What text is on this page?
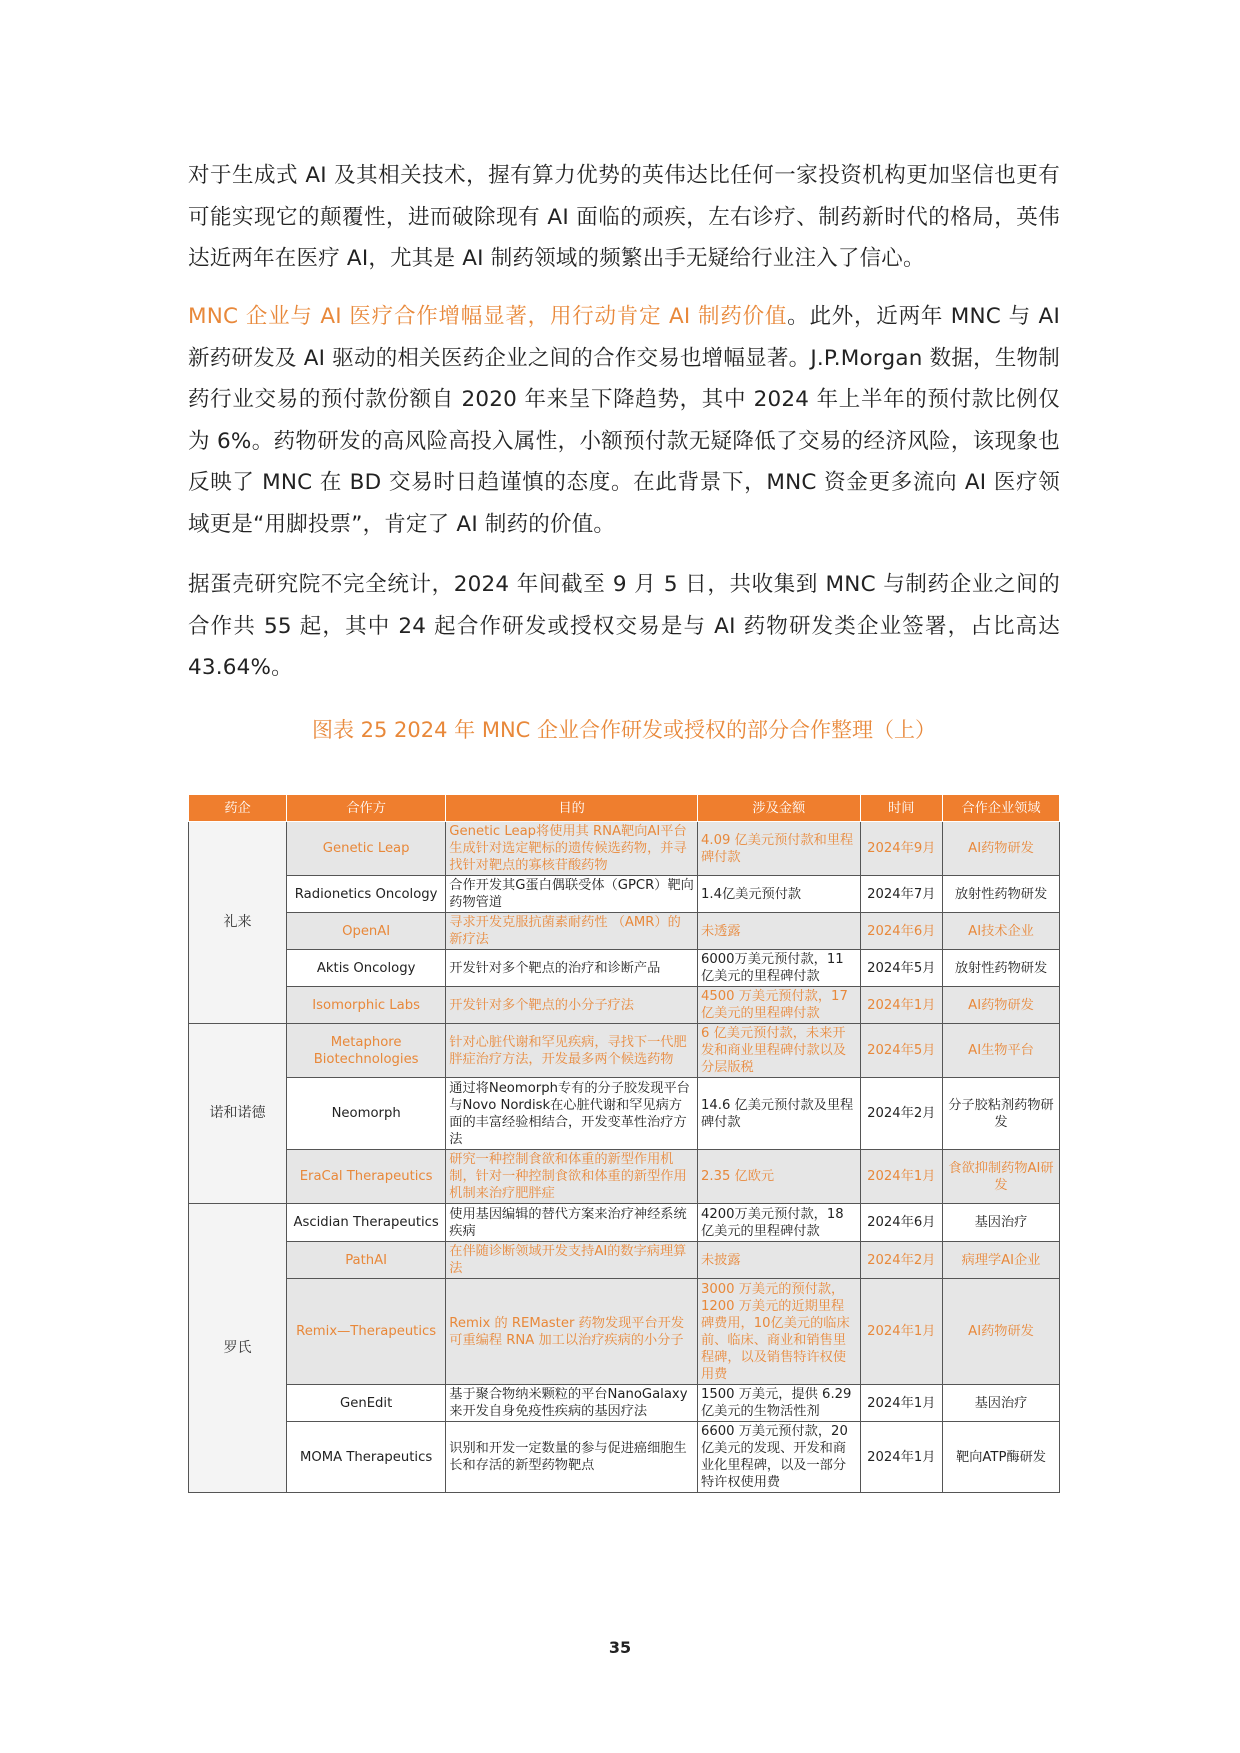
对于生成式 AI 及其相关技术，握有算力优势的英伟达比任何一家投资机构更加坚信也更有可能实现它的颠覆性，进而破除现有 AI 面临的顽疾，左右诊疗、制药新时代的格局，英伟达近两年在医疗 AI，尤其是 AI 制药领域的频繁出手无疑给行业注入了信心。

MNC 企业与 AI 医疗合作增幅显著，用行动肯定 AI 制药价值。此外，近两年 MNC 与 AI 新药研发及 AI 驱动的相关医药企业之间的合作交易也增幅显著。J.P.Morgan 数据，生物制药行业交易的预付款份额自 2020 年来呈下降趋势，其中 2024 年上半年的预付款比例仅为 6%。药物研发的高风险高投入属性，小额预付款无疑降低了交易的经济风险，该现象也反映了 MNC 在 BD 交易时日趋谨慎的态度。在此背景下，MNC 资金更多流向 AI 医疗领域更是“用脚投票”，肯定了 AI 制药的价值。

据蛋壳研究院不完全统计，2024 年间截至 9 月 5 日，共收集到 MNC 与制药企业之间的合作共 55 起，其中 24 起合作研发或授权交易是与 AI 药物研发类企业签署，占比高达 43.64%。

图表 25 2024 年 MNC 企业合作研发或授权的部分合作整理（上）

药企	合作方	目的	涉及金额	时间	合作企业领域
礼来	Genetic Leap	Genetic Leap将使用其 RNA靶向AI平台生成针对选定靶标的遗传候选药物，并寻找针对靶点的寡核苷酸药物	4.09 亿美元预付款和里程碑付款	2024年9月	AI药物研发
	Radionetics Oncology	合作开发其G蛋白偶联受体（GPCR）靶向药物管道	1.4亿美元预付款	2024年7月	放射性药物研发
	OpenAI	寻求开发克服抗菌素耐药性 （AMR）的新疗法	未透露	2024年6月	AI技术企业
	Aktis Oncology	开发针对多个靶点的治疗和诊断产品	6000万美元预付款，11亿美元的里程碑付款	2024年5月	放射性药物研发
	Isomorphic Labs	开发针对多个靶点的小分子疗法	4500 万美元预付款，17亿美元的里程碑付款	2024年1月	AI药物研发
诺和诺德	Metaphore Biotechnologies	针对心脏代谢和罕见疾病，寻找下一代肥胖症治疗方法，开发最多两个候选药物	6 亿美元预付款，未来开发和商业里程碑付款以及分层版税	2024年5月	AI生物平台
	Neomorph	通过将Neomorph专有的分子胶发现平台与Novo Nordisk在心脏代谢和罕见病方面的丰富经验相结合，开发变革性治疗方法	14.6 亿美元预付款及里程碑付款	2024年2月	分子胶粘剂药物研发
	EraCal Therapeutics	研究一种控制食欲和体重的新型作用机制，针对一种控制食欲和体重的新型作用机制来治疗肥胖症	2.35 亿欧元	2024年1月	食欲抑制药物AI研发
罗氏	Ascidian Therapeutics	使用基因编辑的替代方案来治疗神经系统疾病	4200万美元预付款，18亿美元的里程碑付款	2024年6月	基因治疗
	PathAI	在伴随诊断领域开发支持AI的数字病理算法	未披露	2024年2月	病理学AI企业
	Remix—Therapeutics	Remix 的 REMaster 药物发现平台开发可重编程 RNA 加工以治疗疾病的小分子	3000 万美元的预付款，1200 万美元的近期里程碑费用，10亿美元的临床前、临床、商业和销售里程碑，以及销售特许权使用费	2024年1月	AI药物研发
	GenEdit	基于聚合物纳米颗粒的平台NanoGalaxy来开发自身免疫性疾病的基因疗法	1500 万美元，提供 6.29 亿美元的生物活性剂	2024年1月	基因治疗
	MOMA Therapeutics	识别和开发一定数量的参与促进癌细胞生长和存活的新型药物靶点	6600 万美元预付款，20 亿美元的发现、开发和商业化里程碑，以及一部分特许权使用费	2024年1月	靶向ATP酶研发
35
